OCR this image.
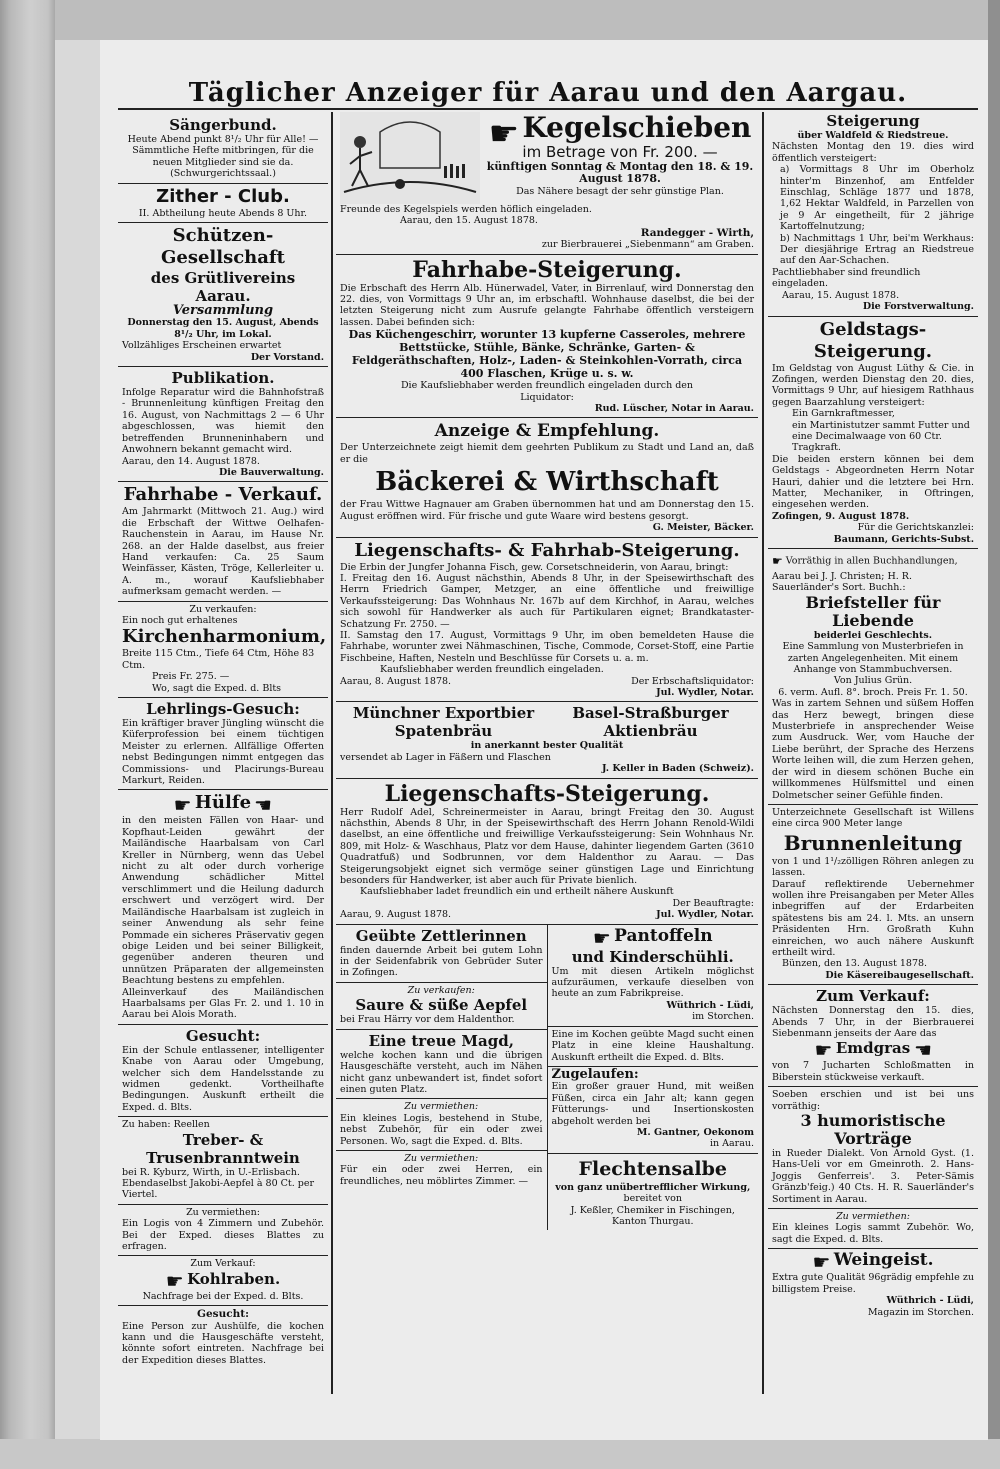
Täglicher Anzeiger für Aarau und den Aargau.
Sängerbund.
Heute Abend punkt 8¹/₂ Uhr für Alle! — Sämmtliche Hefte mitbringen, für die neuen Mitglieder sind sie da. (Schwurgerichtssaal.)
Zither - Club.
II. Abtheilung heute Abends 8 Uhr.
Schützen-Gesellschaft
des Grütlivereins Aarau.
Versammlung
Donnerstag den 15. August, Abends 8¹/₂ Uhr, im Lokal.
Vollzähliges Erscheinen erwartet
Der Vorstand.
Publikation.
Infolge Reparatur wird die Bahnhofstraß - Brunnenleitung künftigen Freitag den 16. August, von Nachmittags 2 — 6 Uhr abgeschlossen, was hiemit den betreffenden Brunneninhabern und Anwohnern bekannt gemacht wird.
Aarau, den 14. August 1878.
Die Bauverwaltung.
Fahrhabe - Verkauf.
Am Jahrmarkt (Mittwoch 21. Aug.) wird die Erbschaft der Wittwe Oelhafen-Rauchenstein in Aarau, im Hause Nr. 268. an der Halde daselbst, aus freier Hand verkaufen: Ca. 25 Saum Weinfässer, Kästen, Tröge, Kellerleiter u. A. m., worauf Kaufsliebhaber aufmerksam gemacht werden. —
Zu verkaufen:
Ein noch gut erhaltenes
Kirchenharmonium,
Breite 115 Ctm., Tiefe 64 Ctm, Höhe 83 Ctm.
Preis Fr. 275. —
Wo, sagt die Exped. d. Blts
Lehrlings-Gesuch:
Ein kräftiger braver Jüngling wünscht die Küferprofession bei einem tüchtigen Meister zu erlernen. Allfällige Offerten nebst Bedingungen nimmt entgegen das Commissions- und Placirungs-Bureau Markurt, Reiden.
☛ Hülfe ☛
in den meisten Fällen von Haar- und Kopfhaut-Leiden gewährt der Mailändische Haarbalsam von Carl Kreller in Nürnberg, wenn das Uebel nicht zu alt oder durch vorherige Anwendung schädlicher Mittel verschlimmert und die Heilung dadurch erschwert und verzögert wird. Der Mailändische Haarbalsam ist zugleich in seiner Anwendung als sehr feine Pommade ein sicheres Präservativ gegen obige Leiden und bei seiner Billigkeit, gegenüber anderen theuren und unnützen Präparaten der allgemeinsten Beachtung bestens zu empfehlen.
Alleinverkauf des Mailändischen Haarbalsams per Glas Fr. 2. und 1. 10 in Aarau bei Alois Morath.
Gesucht:
Ein der Schule entlassener, intelligenter Knabe von Aarau oder Umgebung, welcher sich dem Handelsstande zu widmen gedenkt. Vortheilhafte Bedingungen. Auskunft ertheilt die Exped. d. Blts.
Zu haben: Reellen
Treber- & Trusenbranntwein
bei R. Kyburz, Wirth, in U.-Erlisbach.
Ebendaselbst Jakobi-Aepfel à 80 Ct. per Viertel.
Zu vermiethen:
Ein Logis von 4 Zimmern und Zubehör. Bei der Exped. dieses Blattes zu erfragen.
Zum Verkauf:
☛ Kohlraben.
Nachfrage bei der Exped. d. Blts.
Gesucht:
Eine Person zur Aushülfe, die kochen kann und die Hausgeschäfte versteht, könnte sofort eintreten. Nachfrage bei der Expedition dieses Blattes.
☛ Kegelschieben
im Betrage von Fr. 200. —
künftigen Sonntag & Montag den 18. & 19. August 1878.
Das Nähere besagt der sehr günstige Plan.
Freunde des Kegelspiels werden höflich eingeladen.
Aarau, den 15. August 1878.
Randegger - Wirth,
zur Bierbrauerei „Siebenmann“ am Graben.
Fahrhabe-Steigerung.
Die Erbschaft des Herrn Alb. Hünerwadel, Vater, in Birrenlauf, wird Donnerstag den 22. dies, von Vormittags 9 Uhr an, im erbschaftl. Wohnhause daselbst, die bei der letzten Steigerung nicht zum Ausrufe gelangte Fahrhabe öffentlich versteigern lassen. Dabei befinden sich:
Das Küchengeschirr, worunter 13 kupferne Casseroles, mehrere Bettstücke, Stühle, Bänke, Schränke, Garten- & Feldgeräthschaften, Holz-, Laden- & Steinkohlen-Vorrath, circa 400 Flaschen, Krüge u. s. w.
Die Kaufsliebhaber werden freundlich eingeladen durch den
Liquidator:
Rud. Lüscher, Notar in Aarau.
Anzeige & Empfehlung.
Der Unterzeichnete zeigt hiemit dem geehrten Publikum zu Stadt und Land an, daß er die
Bäckerei & Wirthschaft
der Frau Wittwe Hagnauer am Graben übernommen hat und am Donnerstag den 15. August eröffnen wird. Für frische und gute Waare wird bestens gesorgt.
G. Meister, Bäcker.
Liegenschafts- & Fahrhab-Steigerung.
Die Erbin der Jungfer Johanna Fisch, gew. Corsetschneiderin, von Aarau, bringt:
I. Freitag den 16. August nächsthin, Abends 8 Uhr, in der Speisewirthschaft des Herrn Friedrich Gamper, Metzger, an eine öffentliche und freiwillige Verkaufssteigerung: Das Wohnhaus Nr. 167b auf dem Kirchhof, in Aarau, welches sich sowohl für Handwerker als auch für Partikularen eignet; Brandkataster-Schatzung Fr. 2750. —
II. Samstag den 17. August, Vormittags 9 Uhr, im oben bemeldeten Hause die Fahrhabe, worunter zwei Nähmaschinen, Tische, Commode, Corset-Stoff, eine Partie Fischbeine, Haften, Nesteln und Beschlüsse für Corsets u. a. m.
Kaufsliebhaber werden freundlich eingeladen.
Aarau, 8. August 1878.	Der Erbschaftsliquidator:
Jul. Wydler, Notar.
Münchner Exportbier
Spatenbräu
Basel-Straßburger
Aktienbräu
in anerkannt bester Qualität
versendet ab Lager in Fäßern und Flaschen
J. Keller in Baden (Schweiz).
Liegenschafts-Steigerung.
Herr Rudolf Adel, Schreinermeister in Aarau, bringt Freitag den 30. August nächsthin, Abends 8 Uhr, in der Speisewirthschaft des Herrn Johann Renold-Wildi daselbst, an eine öffentliche und freiwillige Verkaufssteigerung: Sein Wohnhaus Nr. 809, mit Holz- & Waschhaus, Platz vor dem Hause, dahinter liegendem Garten (3610 Quadratfuß) und Sodbrunnen, vor dem Haldenthor zu Aarau. — Das Steigerungsobjekt eignet sich vermöge seiner günstigen Lage und Einrichtung besonders für Handwerker, ist aber auch für Private bienlich.
Kaufsliebhaber ladet freundlich ein und ertheilt nähere Auskunft
Der Beauftragte:
Aarau, 9. August 1878.	Jul. Wydler, Notar.
Geübte Zettlerinnen
finden dauernde Arbeit bei gutem Lohn in der Seidenfabrik von Gebrüder Suter in Zofingen.
Zu verkaufen:
Saure & süße Aepfel
bei Frau Härry vor dem Haldenthor.
Eine treue Magd,
welche kochen kann und die übrigen Hausgeschäfte versteht, auch im Nähen nicht ganz unbewandert ist, findet sofort einen guten Platz.
Zu vermiethen:
Ein kleines Logis, bestehend in Stube, nebst Zubehör, für ein oder zwei Personen. Wo, sagt die Exped. d. Blts.
Zu vermiethen:
Für ein oder zwei Herren, ein freundliches, neu möblirtes Zimmer. —
☛ Pantoffeln
und Kinderschühli.
Um mit diesen Artikeln möglichst aufzuräumen, verkaufe dieselben von heute an zum Fabrikpreise.
Wüthrich - Lüdi,
im Storchen.
Eine im Kochen geübte Magd sucht einen Platz in eine kleine Haushaltung. Auskunft ertheilt die Exped. d. Blts.
Zugelaufen:
Ein großer grauer Hund, mit weißen Füßen, circa ein Jahr alt; kann gegen Fütterungs- und Insertionskosten abgeholt werden bei
M. Gantner, Oekonom
in Aarau.
Flechtensalbe
von ganz unübertrefflicher Wirkung,
bereitet von
J. Keßler, Chemiker in Fischingen,
Kanton Thurgau.
Steigerung
über Waldfeld & Riedstreue.
Nächsten Montag den 19. dies wird öffentlich versteigert:
a) Vormittags 8 Uhr im Oberholz hinter'm Binzenhof, am Entfelder Einschlag, Schläge 1877 und 1878, 1,62 Hektar Waldfeld, in Parzellen von je 9 Ar eingetheilt, für 2 jährige Kartoffelnutzung;
b) Nachmittags 1 Uhr, bei'm Werkhaus: Der diesjährige Ertrag an Riedstreue auf den Aar-Schachen.
Pachtliebhaber sind freundlich eingeladen.
Aarau, 15. August 1878.
Die Forstverwaltung.
Geldstags-Steigerung.
Im Geldstag von August Lüthy & Cie. in Zofingen, werden Dienstag den 20. dies, Vormittags 9 Uhr, auf hiesigem Rathhaus gegen Baarzahlung versteigert:
Ein Garnkraftmesser,
ein Martinistutzer sammt Futter und
eine Decimalwaage von 60 Ctr. Tragkraft.
Die beiden erstern können bei dem Geldstags - Abgeordneten Herrn Notar Hauri, dahier und die letztere bei Hrn. Matter, Mechaniker, in Oftringen, eingesehen werden.
Zofingen, 9. August 1878.
Für die Gerichtskanzlei:
Baumann, Gerichts-Subst.
☛ Vorräthig in allen Buchhandlungen, Aarau bei J. J. Christen; H. R. Sauerländer's Sort. Buchh.:
Briefsteller für Liebende
beiderlei Geschlechts.
Eine Sammlung von Musterbriefen in zarten Angelegenheiten. Mit einem Anhange von Stammbuchversen.
Von Julius Grün.
6. verm. Aufl. 8°. broch. Preis Fr. 1. 50.
Was in zartem Sehnen und süßem Hoffen das Herz bewegt, bringen diese Musterbriefe in ansprechender Weise zum Ausdruck. Wer, vom Hauche der Liebe berührt, der Sprache des Herzens Worte leihen will, die zum Herzen gehen, der wird in diesem schönen Buche ein willkommenes Hülfsmittel und einen Dolmetscher seiner Gefühle finden.
Unterzeichnete Gesellschaft ist Willens eine circa 900 Meter lange
Brunnenleitung
von 1 und 1¹/₂zölligen Röhren anlegen zu lassen.
Darauf reflektirende Uebernehmer wollen ihre Preisangaben per Meter Alles inbegriffen auf der Erdarbeiten spätestens bis am 24. l. Mts. an unsern Präsidenten Hrn. Großrath Kuhn einreichen, wo auch nähere Auskunft ertheilt wird.
Bünzen, den 13. August 1878.
Die Käsereibaugesellschaft.
Zum Verkauf:
Nächsten Donnerstag den 15. dies, Abends 7 Uhr, in der Bierbrauerei Siebenmann jenseits der Aare das
☛ Emdgras ☛
von 7 Jucharten Schloßmatten in Biberstein stückweise verkauft.
Soeben erschien und ist bei uns vorräthig:
3 humoristische Vorträge
in Rueder Dialekt. Von Arnold Gyst. (1. Hans-Ueli vor em Gmeinroth. 2. Hans-Joggis Genferreis'. 3. Peter-Sämis Gränzb'feig.) 40 Cts. H. R. Sauerländer's Sortiment in Aarau.
Zu vermiethen:
Ein kleines Logis sammt Zubehör. Wo, sagt die Exped. d. Blts.
☛ Weingeist.
Extra gute Qualität 96grädig empfehle zu billigstem Preise.
Wüthrich - Lüdi,
Magazin im Storchen.
